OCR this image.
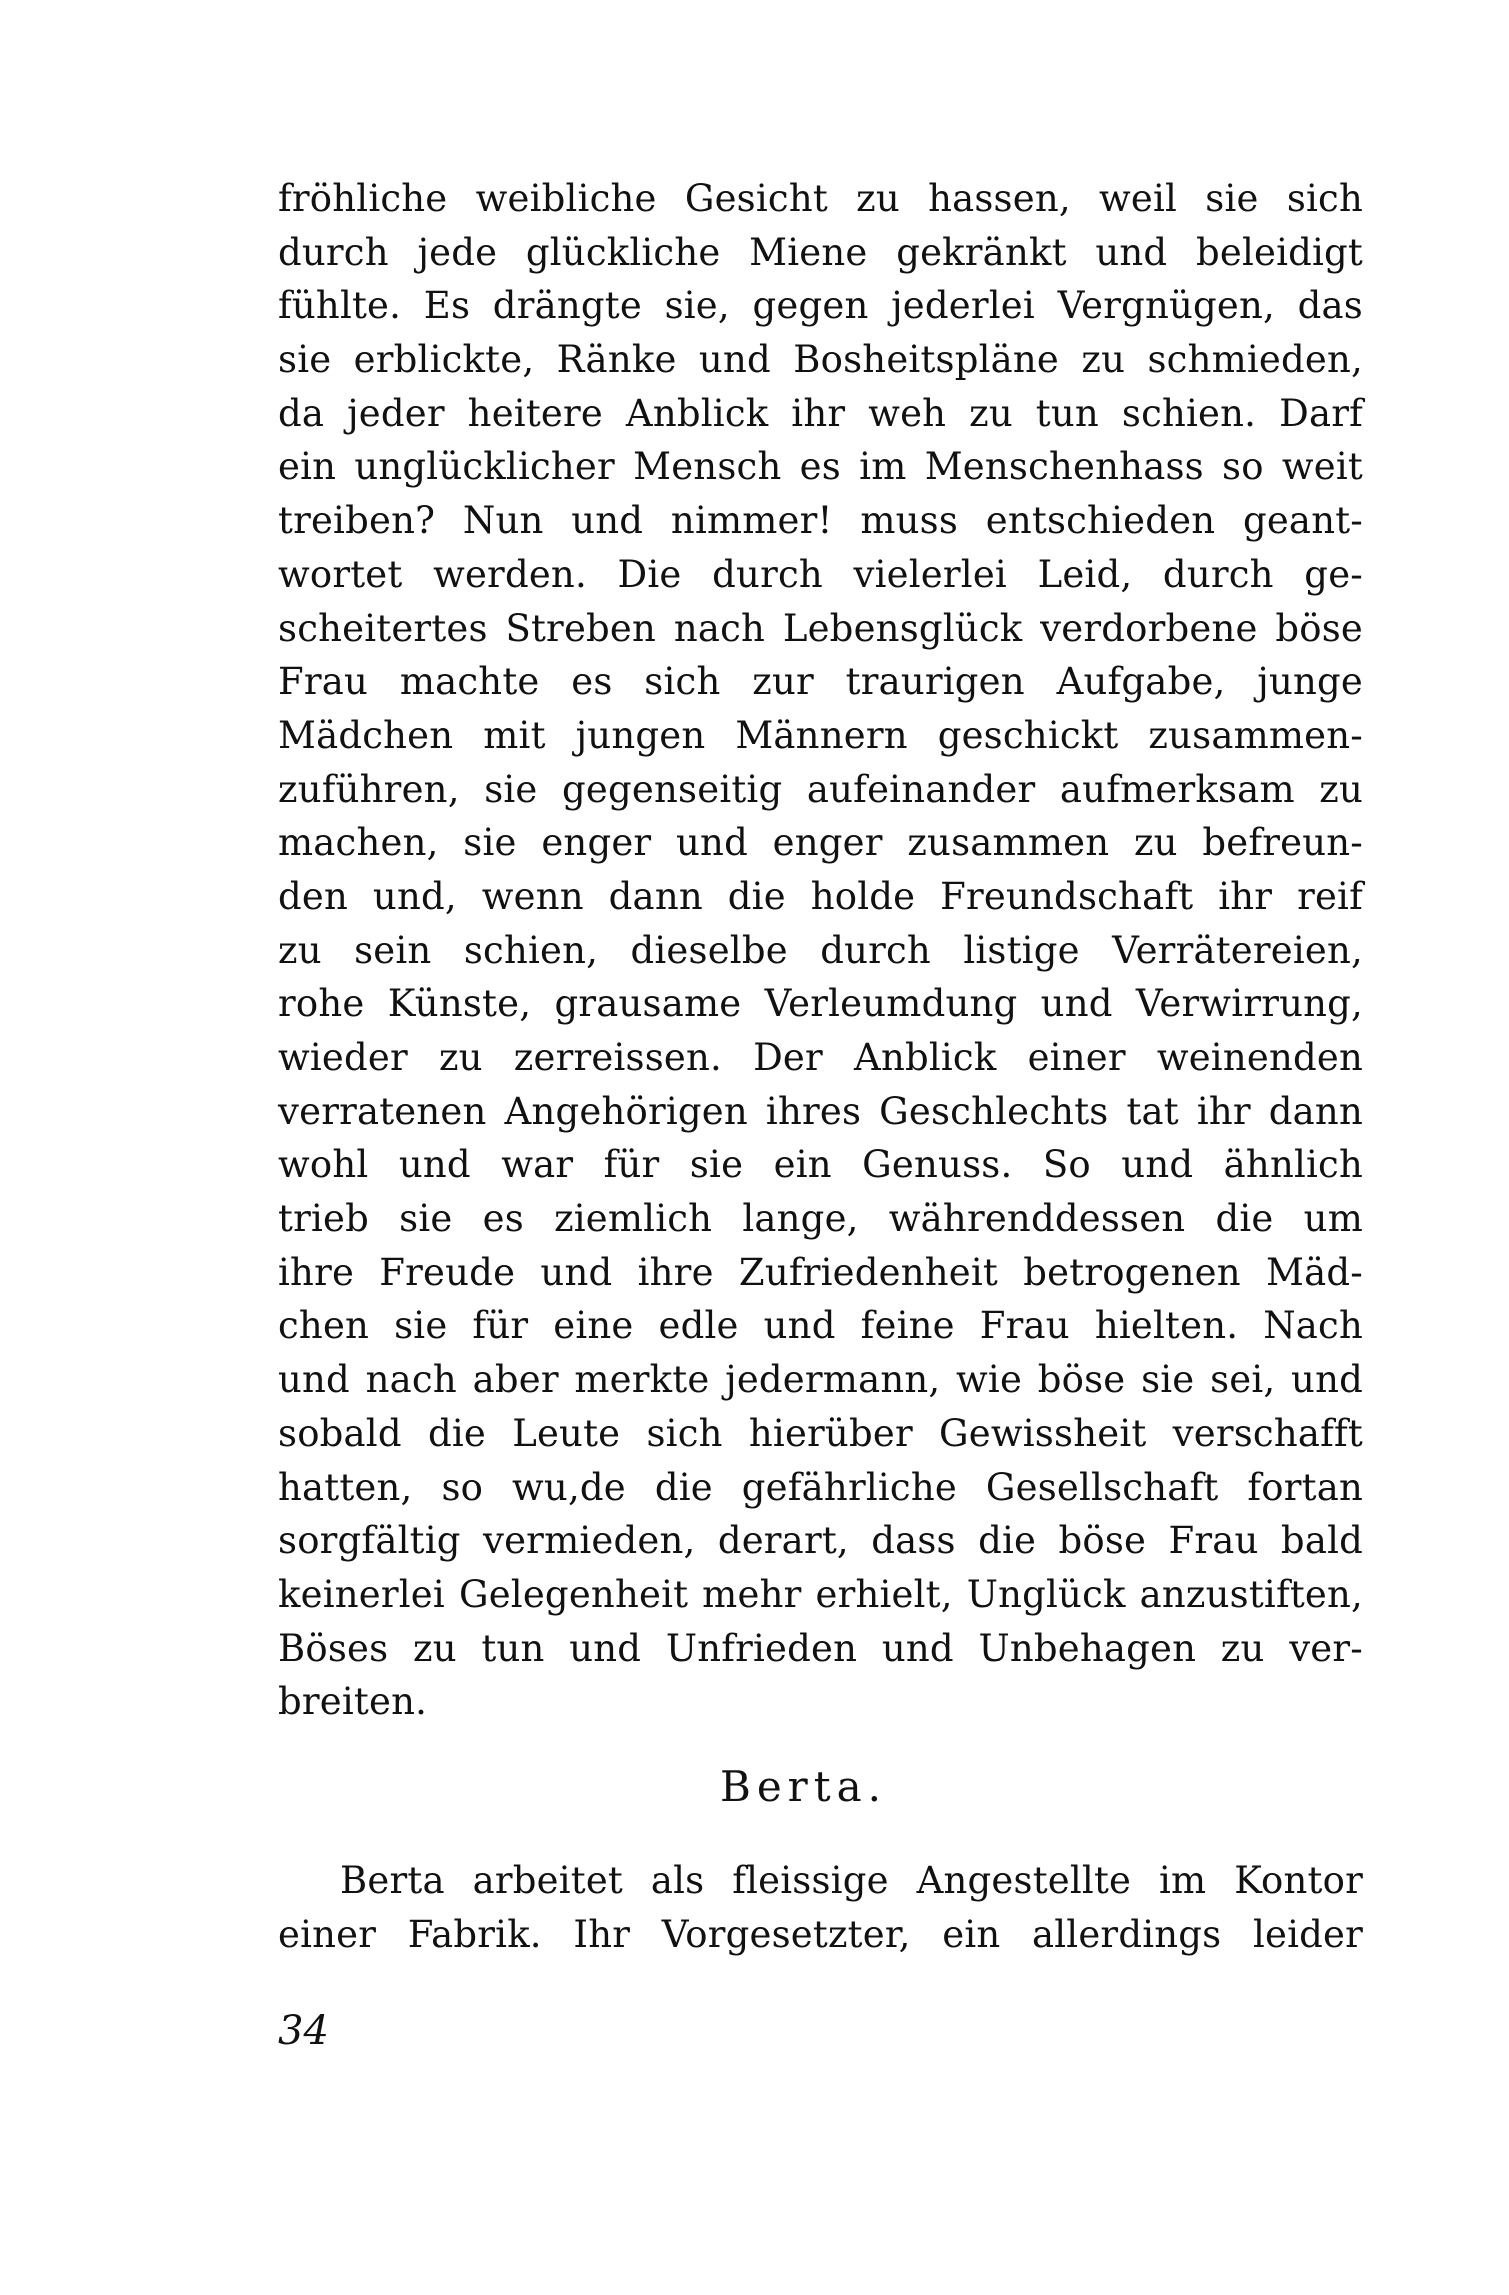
fröhliche weibliche Gesicht zu hassen, weil sie sich
durch jede glückliche Miene gekränkt und beleidigt
fühlte. Es drängte sie, gegen jederlei Vergnügen, das
sie erblickte, Ränke und Bosheitspläne zu schmieden,
da jeder heitere Anblick ihr weh zu tun schien. Darf
ein unglücklicher Mensch es im Menschenhass so weit
treiben? Nun und nimmer! muss entschieden geant-
wortet werden. Die durch vielerlei Leid, durch ge-
scheitertes Streben nach Lebensglück verdorbene böse
Frau machte es sich zur traurigen Aufgabe, junge
Mädchen mit jungen Männern geschickt zusammen-
zuführen, sie gegenseitig aufeinander aufmerksam zu
machen, sie enger und enger zusammen zu befreun-
den und, wenn dann die holde Freundschaft ihr reif
zu sein schien, dieselbe durch listige Verrätereien,
rohe Künste, grausame Verleumdung und Verwirrung,
wieder zu zerreissen. Der Anblick einer weinenden
verratenen Angehörigen ihres Geschlechts tat ihr dann
wohl und war für sie ein Genuss. So und ähnlich
trieb sie es ziemlich lange, währenddessen die um
ihre Freude und ihre Zufriedenheit betrogenen Mäd-
chen sie für eine edle und feine Frau hielten. Nach
und nach aber merkte jedermann, wie böse sie sei, und
sobald die Leute sich hierüber Gewissheit verschafft
hatten, so wu,de die gefährliche Gesellschaft fortan
sorgfältig vermieden, derart, dass die böse Frau bald
keinerlei Gelegenheit mehr erhielt, Unglück anzustiften,
Böses zu tun und Unfrieden und Unbehagen zu ver-
breiten.
Berta.
Berta arbeitet als fleissige Angestellte im Kontor
einer Fabrik. Ihr Vorgesetzter, ein allerdings leider
34
